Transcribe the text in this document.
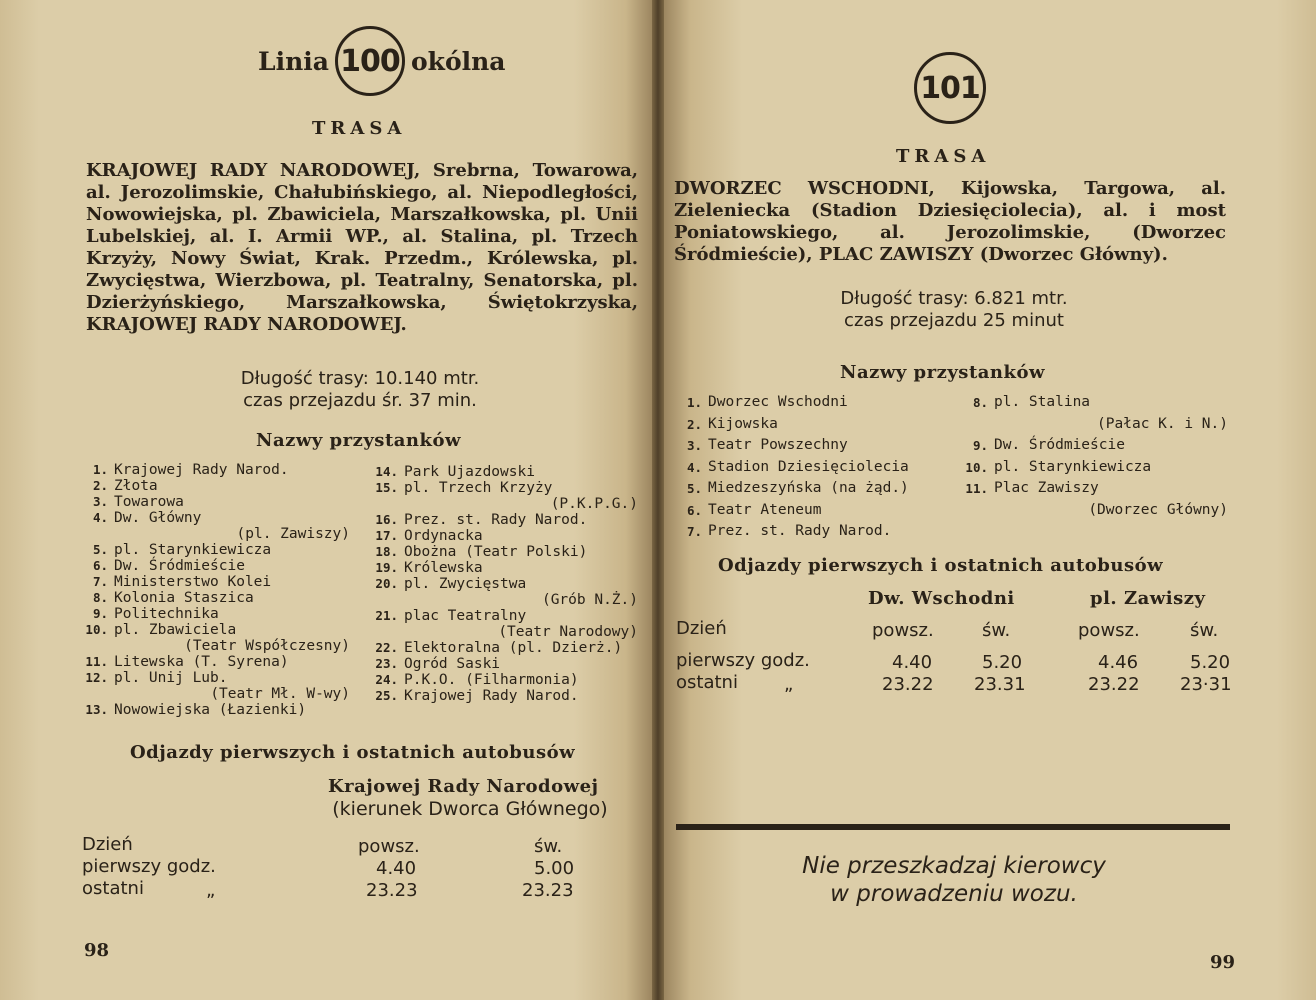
Linia 100 okólna
TRASA
KRAJOWEJ RADY NARODOWEJ, Srebrna, Towarowa, al. Jerozolimskie, Chałubińskiego, al. Niepodległości, Nowowiejska, pl. Zbawiciela, Marszałkowska, pl. Unii Lubelskiej, al. I. Armii WP., al. Stalina, pl. Trzech Krzyży, Nowy Świat, Krak. Przedm., Królewska, pl. Zwycięstwa, Wierzbowa, pl. Teatralny, Senatorska, pl. Dzierżyńskiego, Marszałkowska, Świętokrzyska, KRAJOWEJ RADY NARODOWEJ.
Długość trasy: 10.140 mtr.
czas przejazdu śr. 37 min.
Nazwy przystanków
1. Krajowej Rady Narod.
2. Złota
3. Towarowa
4. Dw. Główny
(pl. Zawiszy)
5. pl. Starynkiewicza
6. Dw. Śródmieście
7. Ministerstwo Kolei
8. Kolonia Staszica
9. Politechnika
10. pl. Zbawiciela
(Teatr Współczesny)
11. Litewska (T. Syrena)
12. pl. Unij Lub.
(Teatr Mł. W-wy)
13. Nowowiejska (Łazienki)
14. Park Ujazdowski
15. pl. Trzech Krzyży
(P.K.P.G.)
16. Prez. st. Rady Narod.
17. Ordynacka
18. Obożna (Teatr Polski)
19. Królewska
20. pl. Zwycięstwa
(Grób N.Ż.)
21. plac Teatralny
(Teatr Narodowy)
22. Elektoralna (pl. Dzierż.)
23. Ogród Saski
24. P.K.O. (Filharmonia)
25. Krajowej Rady Narod.
Odjazdy pierwszych i ostatnich autobusów
Krajowej Rady Narodowej
(kierunek Dworca Głównego)
Dzień	powsz.	św.
pierwszy godz.	4.40	5.00
ostatni	„	23.23	23.23
98
101
TRASA
DWORZEC WSCHODNI, Kijowska, Targowa, al. Zieleniecka (Stadion Dziesięciolecia), al. i most Poniatowskiego, al. Jerozolimskie, (Dworzec Śródmieście), PLAC ZAWISZY (Dworzec Główny).
Długość trasy: 6.821 mtr.
czas przejazdu 25 minut
Nazwy przystanków
1. Dworzec Wschodni
2. Kijowska
3. Teatr Powszechny
4. Stadion Dziesięciolecia
5. Miedzeszyńska (na żąd.)
6. Teatr Ateneum
7. Prez. st. Rady Narod.
8. pl. Stalina
(Pałac K. i N.)
9. Dw. Śródmieście
10. pl. Starynkiewicza
11. Plac Zawiszy
(Dworzec Główny)
Odjazdy pierwszych i ostatnich autobusów
Dw. Wschodni	pl. Zawiszy
Dzień	powsz.	św.	powsz.	św.
pierwszy godz.	4.40	5.20	4.46	5.20
ostatni	„	23.22 23.31	23.22 23·31
Nie przeszkadzaj kierowcy
w prowadzeniu wozu.
99
